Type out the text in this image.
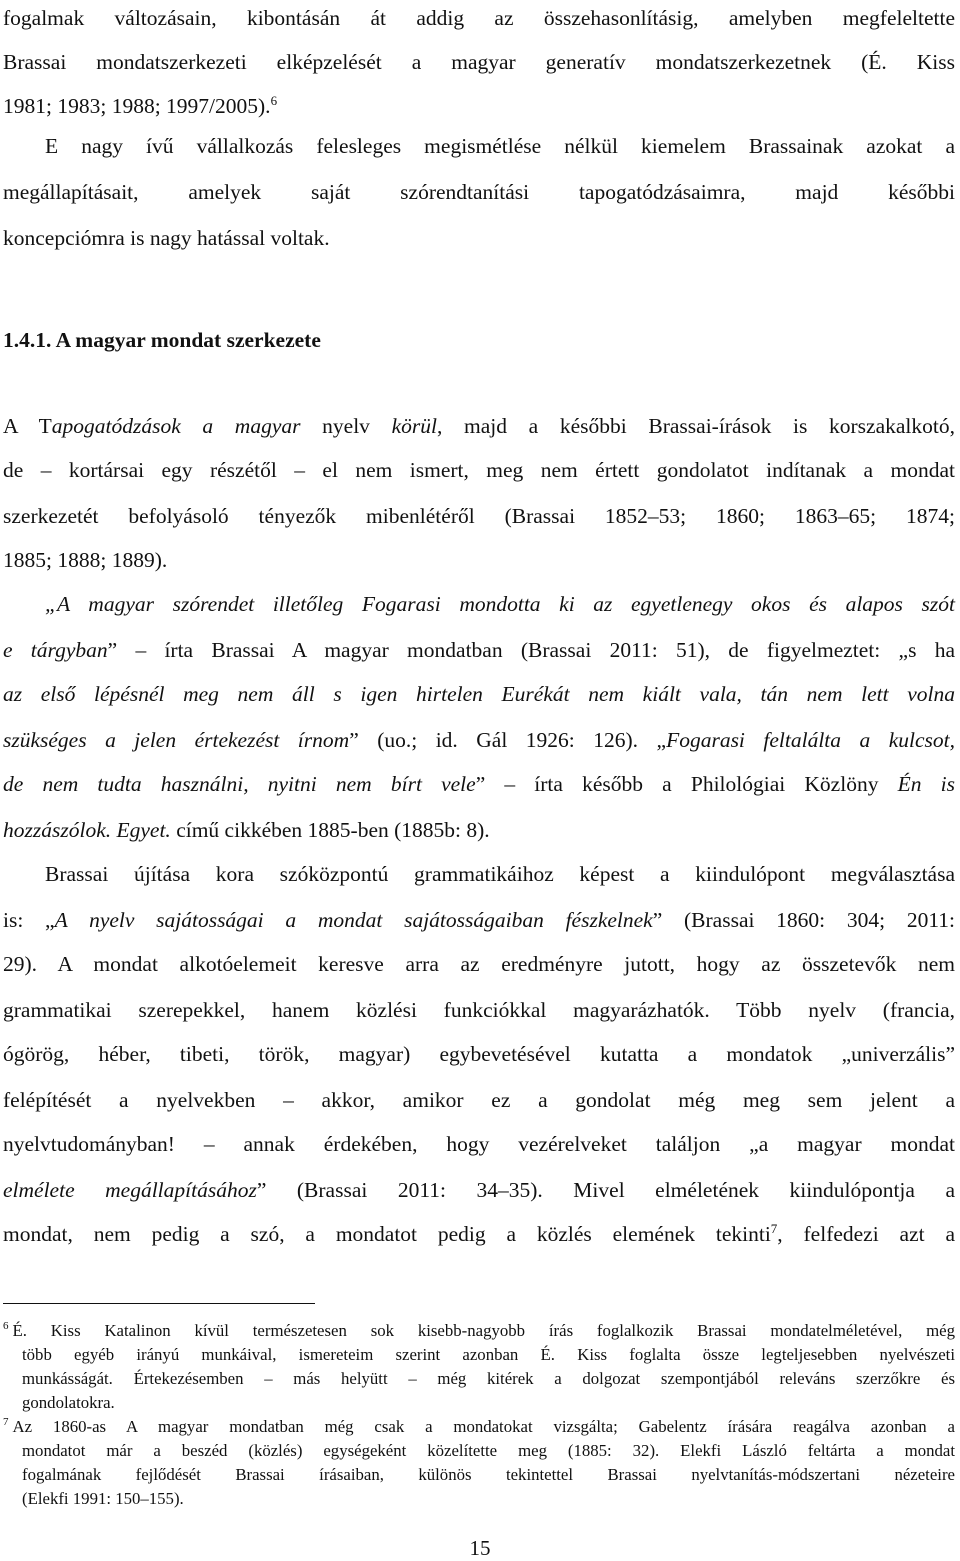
fogalmak változásain, kibontásán át addig az összehasonlításig, amelyben megfeleltette
Brassai mondatszerkezeti elképzelését a magyar generatív mondatszerkezetnek (É. Kiss
1981; 1983; 1988; 1997/2005).$^6$
E nagy ívű vállalkozás felesleges megismétlése nélkül kiemelem Brassainak azokat a
megállapításait, amelyek saját szórendtanítási tapogatódzásaimra, majd későbbi
koncepciómra is nagy hatással voltak.
1.4.1. A magyar mondat szerkezete
A Tapogatódzások a magyar nyelv körül, majd a későbbi Brassai-írások is korszakalkotó,
de – kortársai egy részétől – el nem ismert, meg nem értett gondolatot indítanak a mondat
szerkezetét befolyásoló tényezők mibenlétéről (Brassai 1852–53; 1860; 1863–65; 1874;
1885; 1888; 1889).
„A magyar szórendet illetőleg Fogarasi mondotta ki az egyetlenegy okos és alapos szót
e tárgyban” – írta Brassai A magyar mondatban (Brassai 2011: 51), de figyelmeztet: „s ha
az első lépésnél meg nem áll s igen hirtelen Eurékát nem kiált vala, tán nem lett volna
szükséges a jelen értekezést írnom” (uo.; id. Gál 1926: 126). „Fogarasi feltalálta a kulcsot,
de nem tudta használni, nyitni nem bírt vele” – írta később a Philológiai Közlöny Én is
hozzászólok. Egyet. című cikkében 1885-ben (1885b: 8).
Brassai újítása kora szóközpontú grammatikáihoz képest a kiindulópont megválasztása
is: „A nyelv sajátosságai a mondat sajátosságaiban fészkelnek” (Brassai 1860: 304; 2011:
29). A mondat alkotóelemeit keresve arra az eredményre jutott, hogy az összetevők nem
grammatikai szerepekkel, hanem közlési funkciókkal magyarázhatók. Több nyelv (francia,
ógörög, héber, tibeti, török, magyar) egybevetésével kutatta a mondatok „univerzális”
felépítését a nyelvekben – akkor, amikor ez a gondolat még meg sem jelent a
nyelvtudományban! – annak érdekében, hogy vezérelveket találjon „a magyar mondat
elmélete megállapításához” (Brassai 2011: 34–35). Mivel elméletének kiindulópontja a
mondat, nem pedig a szó, a mondatot pedig a közlés elemének tekinti$^7$, felfedezi azt a
$^6$ É. Kiss Katalinon kívül természetesen sok kisebb-nagyobb írás foglalkozik Brassai mondatelméletével, még
több egyéb irányú munkáival, ismereteim szerint azonban É. Kiss foglalta össze legteljesebben nyelvészeti
munkásságát. Értekezésemben – más helyütt – még kitérek a dolgozat szempontjából releváns szerzőkre és
gondolatokra.
$^7$ Az 1860-as A magyar mondatban még csak a mondatokat vizsgálta; Gabelentz írására reagálva azonban a
mondatot már a beszéd (közlés) egységeként közelítette meg (1885: 32). Elekfi László feltárta a mondat
fogalmának fejlődését Brassai írásaiban, különös tekintettel Brassai nyelvtanítás-módszertani nézeteire
(Elekfi 1991: 150–155).
15
